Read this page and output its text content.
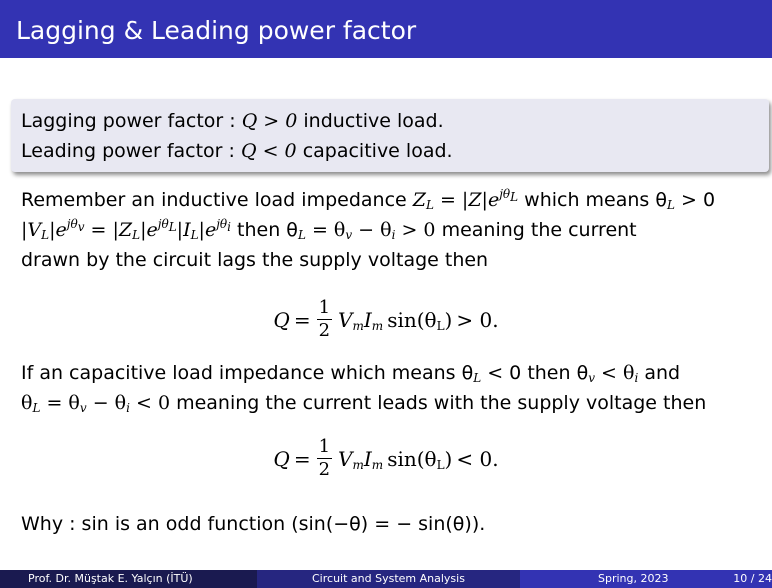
Lagging & Leading power factor
Lagging power factor : Q > 0 inductive load.
Leading power factor : Q < 0 capacitive load.
Remember an inductive load impedance $Z_L = |Z|e^{j\theta_L}$ which means $\theta_L > 0$
$|V_L|e^{j\theta_v} = |Z_L|e^{j\theta_L}|I_L|e^{j\theta_i}$ then $\theta_L = \theta_v - \theta_i > 0$ meaning the current
drawn by the circuit lags the supply voltage then
$Q = \frac{1}{2} V_mI_m$ $\sin(\theta_L) > 0$.
If an capacitive load impedance which means $\theta_L < 0$ then $\theta_v < \theta_i$ and
$\theta_L = \theta_v - \theta_i < 0$ meaning the current leads with the supply voltage then
$Q = \frac{1}{2} V_mI_m$ $\sin(\theta_L) < 0$.
Why : sin is an odd function (sin(−θ) = − sin(θ)).
Prof. Dr. Müştak E. Yalçın (İTÜ)	Circuit and System Analysis	Spring, 2023	10 / 24
